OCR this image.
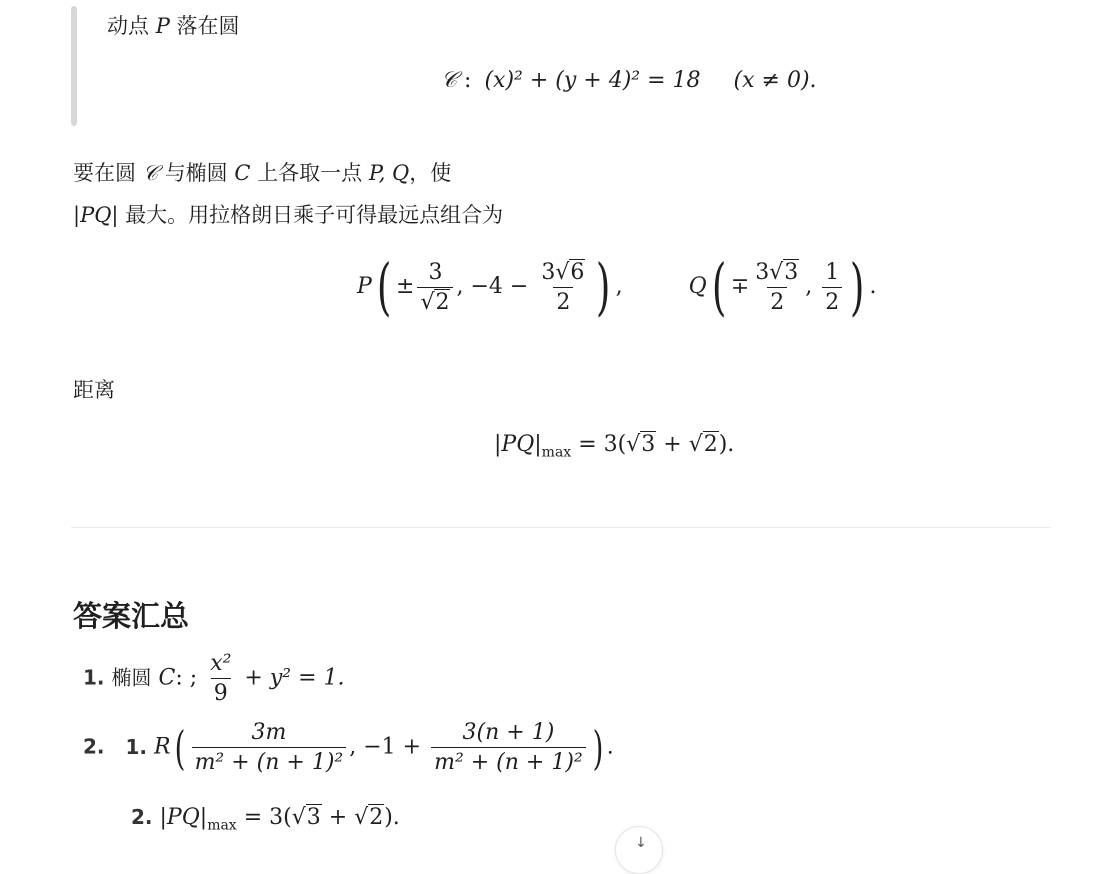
动点 P 落在圆
𝒞 : (x)² + (y + 4)² = 18 (x ≠ 0).
要在圆 𝒞 与椭圆 C 上各取一点 P, Q，使
|PQ| 最大。用拉格朗日乘子可得最远点组合为
$P( \pm \frac{3}{√2}$ , $-4 - \frac{3√6}{2}$ ) ,	$Q( \mp \frac{3√3}{2}$ , $\frac{1}{2}$ ) .
距离
$|PQ|_{max} = 3(√3 + √2)$.
答案汇总
1. 椭圆 C: ; $\frac{\text{x²}}{9} + y^2 = 1$.
2. 1. $R( \frac{3m}{\text{m² + (n + 1)²}}$ , $-1 + \frac{3(n + 1)}{\text{m² + (n + 1)²}}$ ) .
2. $|PQ|_{max} = 3(√3 + √2)$.
↓
